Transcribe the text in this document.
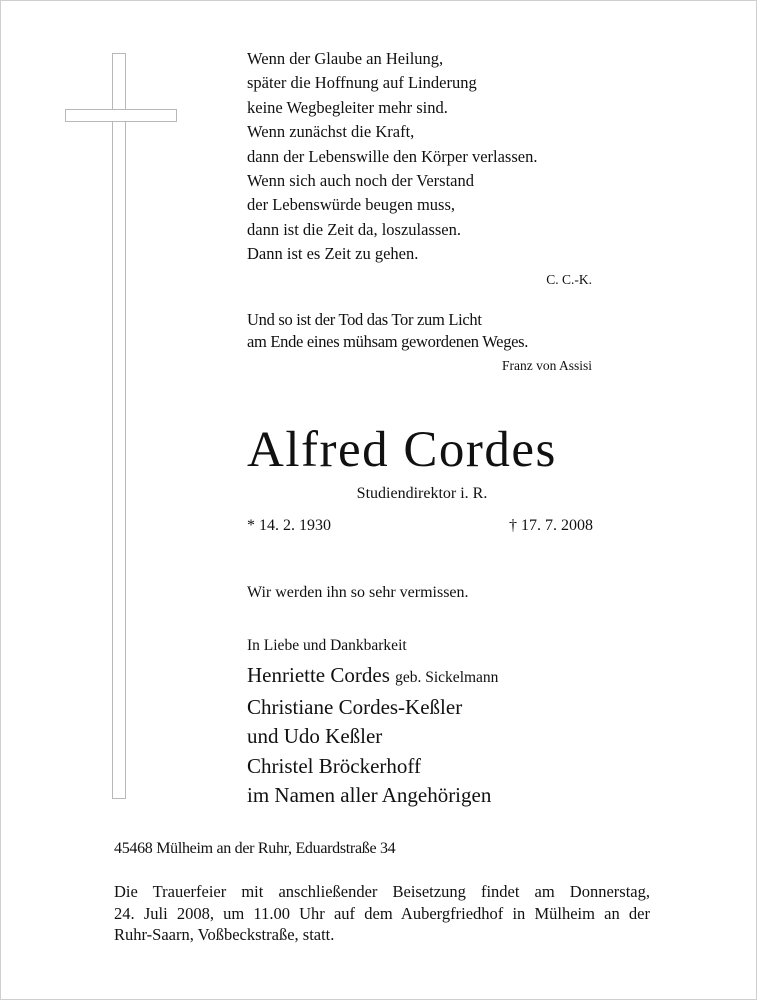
Wenn der Glaube an Heilung,
später die Hoffnung auf Linderung
keine Wegbegleiter mehr sind.
Wenn zunächst die Kraft,
dann der Lebenswille den Körper verlassen.
Wenn sich auch noch der Verstand
der Lebenswürde beugen muss,
dann ist die Zeit da, loszulassen.
Dann ist es Zeit zu gehen.
C. C.-K.
Und so ist der Tod das Tor zum Licht
am Ende eines mühsam gewordenen Weges.
Franz von Assisi
Alfred Cordes
Studiendirektor i. R.
* 14. 2. 1930	† 17. 7. 2008
Wir werden ihn so sehr vermissen.
In Liebe und Dankbarkeit
Henriette Cordes geb. Sickelmann
Christiane Cordes-Keßler
und Udo Keßler
Christel Bröckerhoff
im Namen aller Angehörigen
45468 Mülheim an der Ruhr, Eduardstraße 34
Die Trauerfeier mit anschließender Beisetzung findet am Donnerstag,
24. Juli 2008, um 11.00 Uhr auf dem Aubergfriedhof in Mülheim an der
Ruhr-Saarn, Voßbeckstraße, statt.
